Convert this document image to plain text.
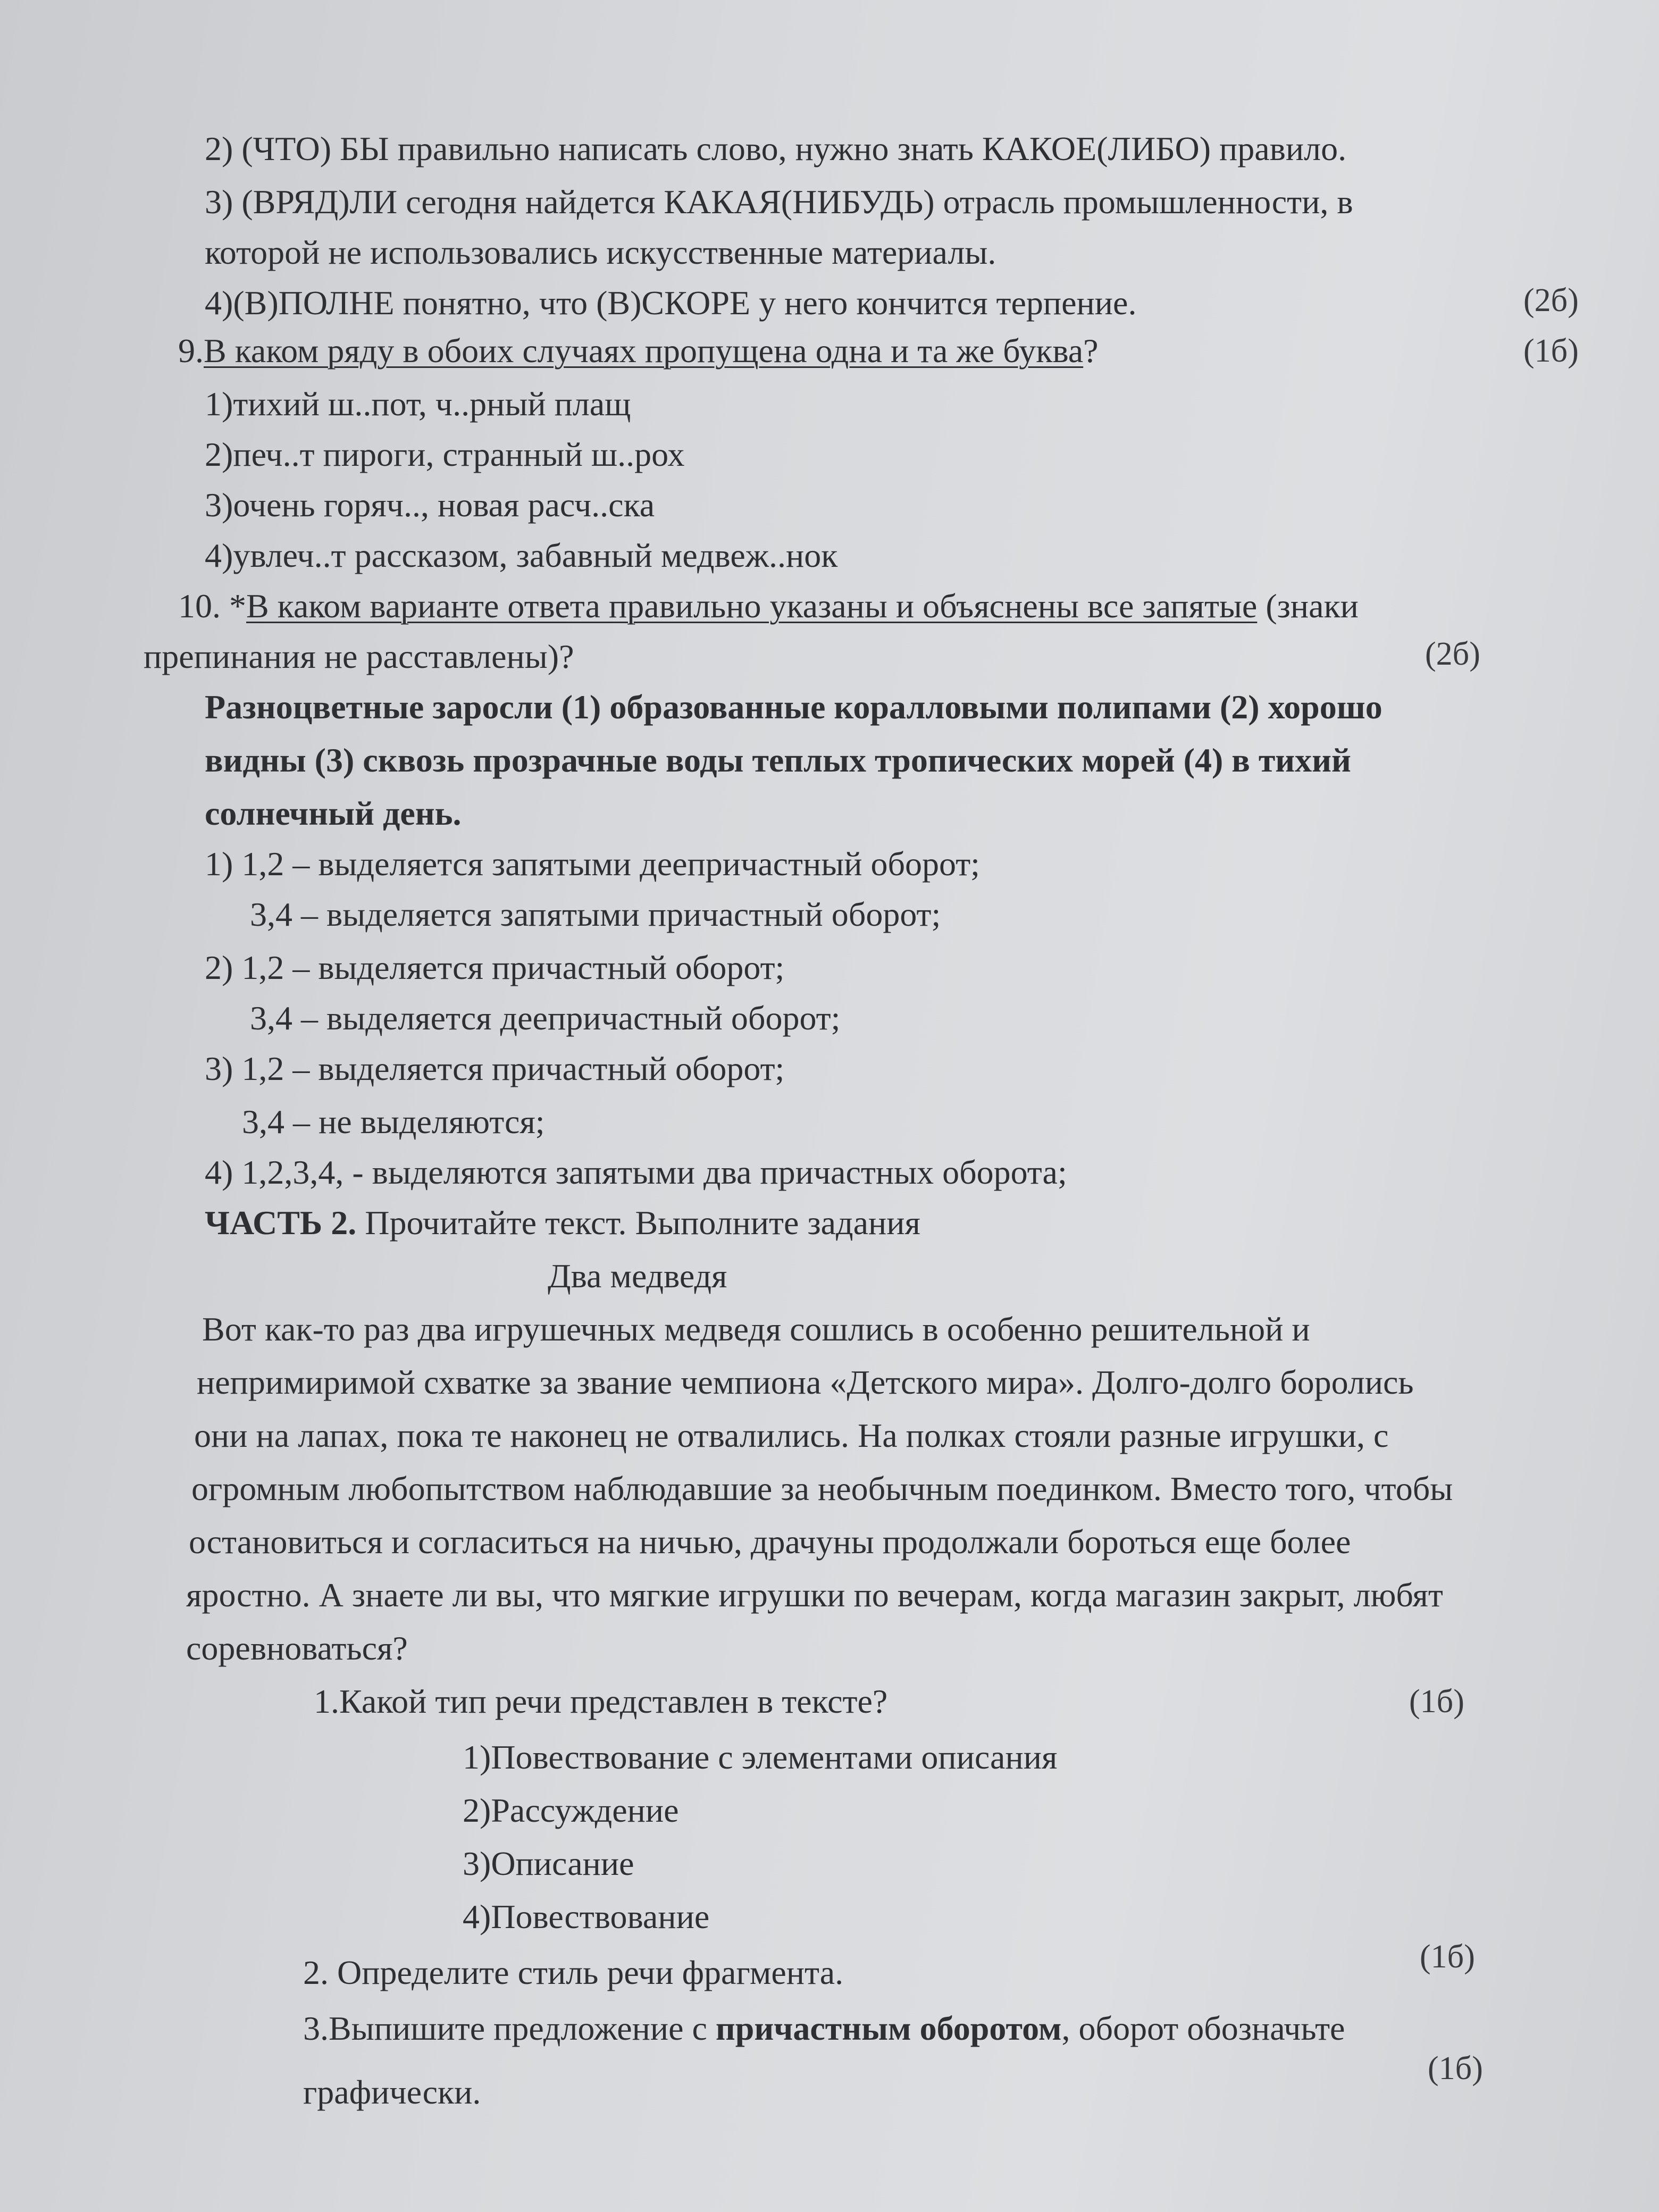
2) (ЧТО) БЫ правильно написать слово, нужно знать КАКОЕ(ЛИБО) правило.
3) (ВРЯД)ЛИ сегодня найдется КАКАЯ(НИБУДЬ) отрасль промышленности, в
которой не использовались искусственные материалы.
4)(В)ПОЛНЕ понятно, что (В)СКОРЕ у него кончится терпение.	(2б)
9.В каком ряду в обоих случаях пропущена одна и та же буква?	(1б)
1)тихий ш..пот, ч..рный плащ
2)печ..т пироги, странный ш..рох
3)очень горяч.., новая расч..ска
4)увлеч..т рассказом, забавный медвеж..нок
10. *В каком варианте ответа правильно указаны и объяснены все запятые (знаки
препинания не расставлены)?	(2б)
Разноцветные заросли (1) образованные коралловыми полипами (2) хорошо
видны (3) сквозь прозрачные воды теплых тропических морей (4) в тихий
солнечный день.
1) 1,2 – выделяется запятыми деепричастный оборот;
3,4 – выделяется запятыми причастный оборот;
2) 1,2 – выделяется причастный оборот;
3,4 – выделяется деепричастный оборот;
3) 1,2 – выделяется причастный оборот;
3,4 – не выделяются;
4) 1,2,3,4, - выделяются запятыми два причастных оборота;
ЧАСТЬ 2. Прочитайте текст. Выполните задания
Два медведя
Вот как-то раз два игрушечных медведя сошлись в особенно решительной и
непримиримой схватке за звание чемпиона «Детского мира». Долго-долго боролись
они на лапах, пока те наконец не отвалились. На полках стояли разные игрушки, с
огромным любопытством наблюдавшие за необычным поединком. Вместо того, чтобы
остановиться и согласиться на ничью, драчуны продолжали бороться еще более
яростно. А знаете ли вы, что мягкие игрушки по вечерам, когда магазин закрыт, любят
соревноваться?
1.Какой тип речи представлен в тексте?	(1б)
1)Повествование с элементами описания
2)Рассуждение
3)Описание
4)Повествование
2. Определите стиль речи фрагмента.	(1б)
3.Выпишите предложение с причастным оборотом, оборот обозначьте
графически.
(1б)
